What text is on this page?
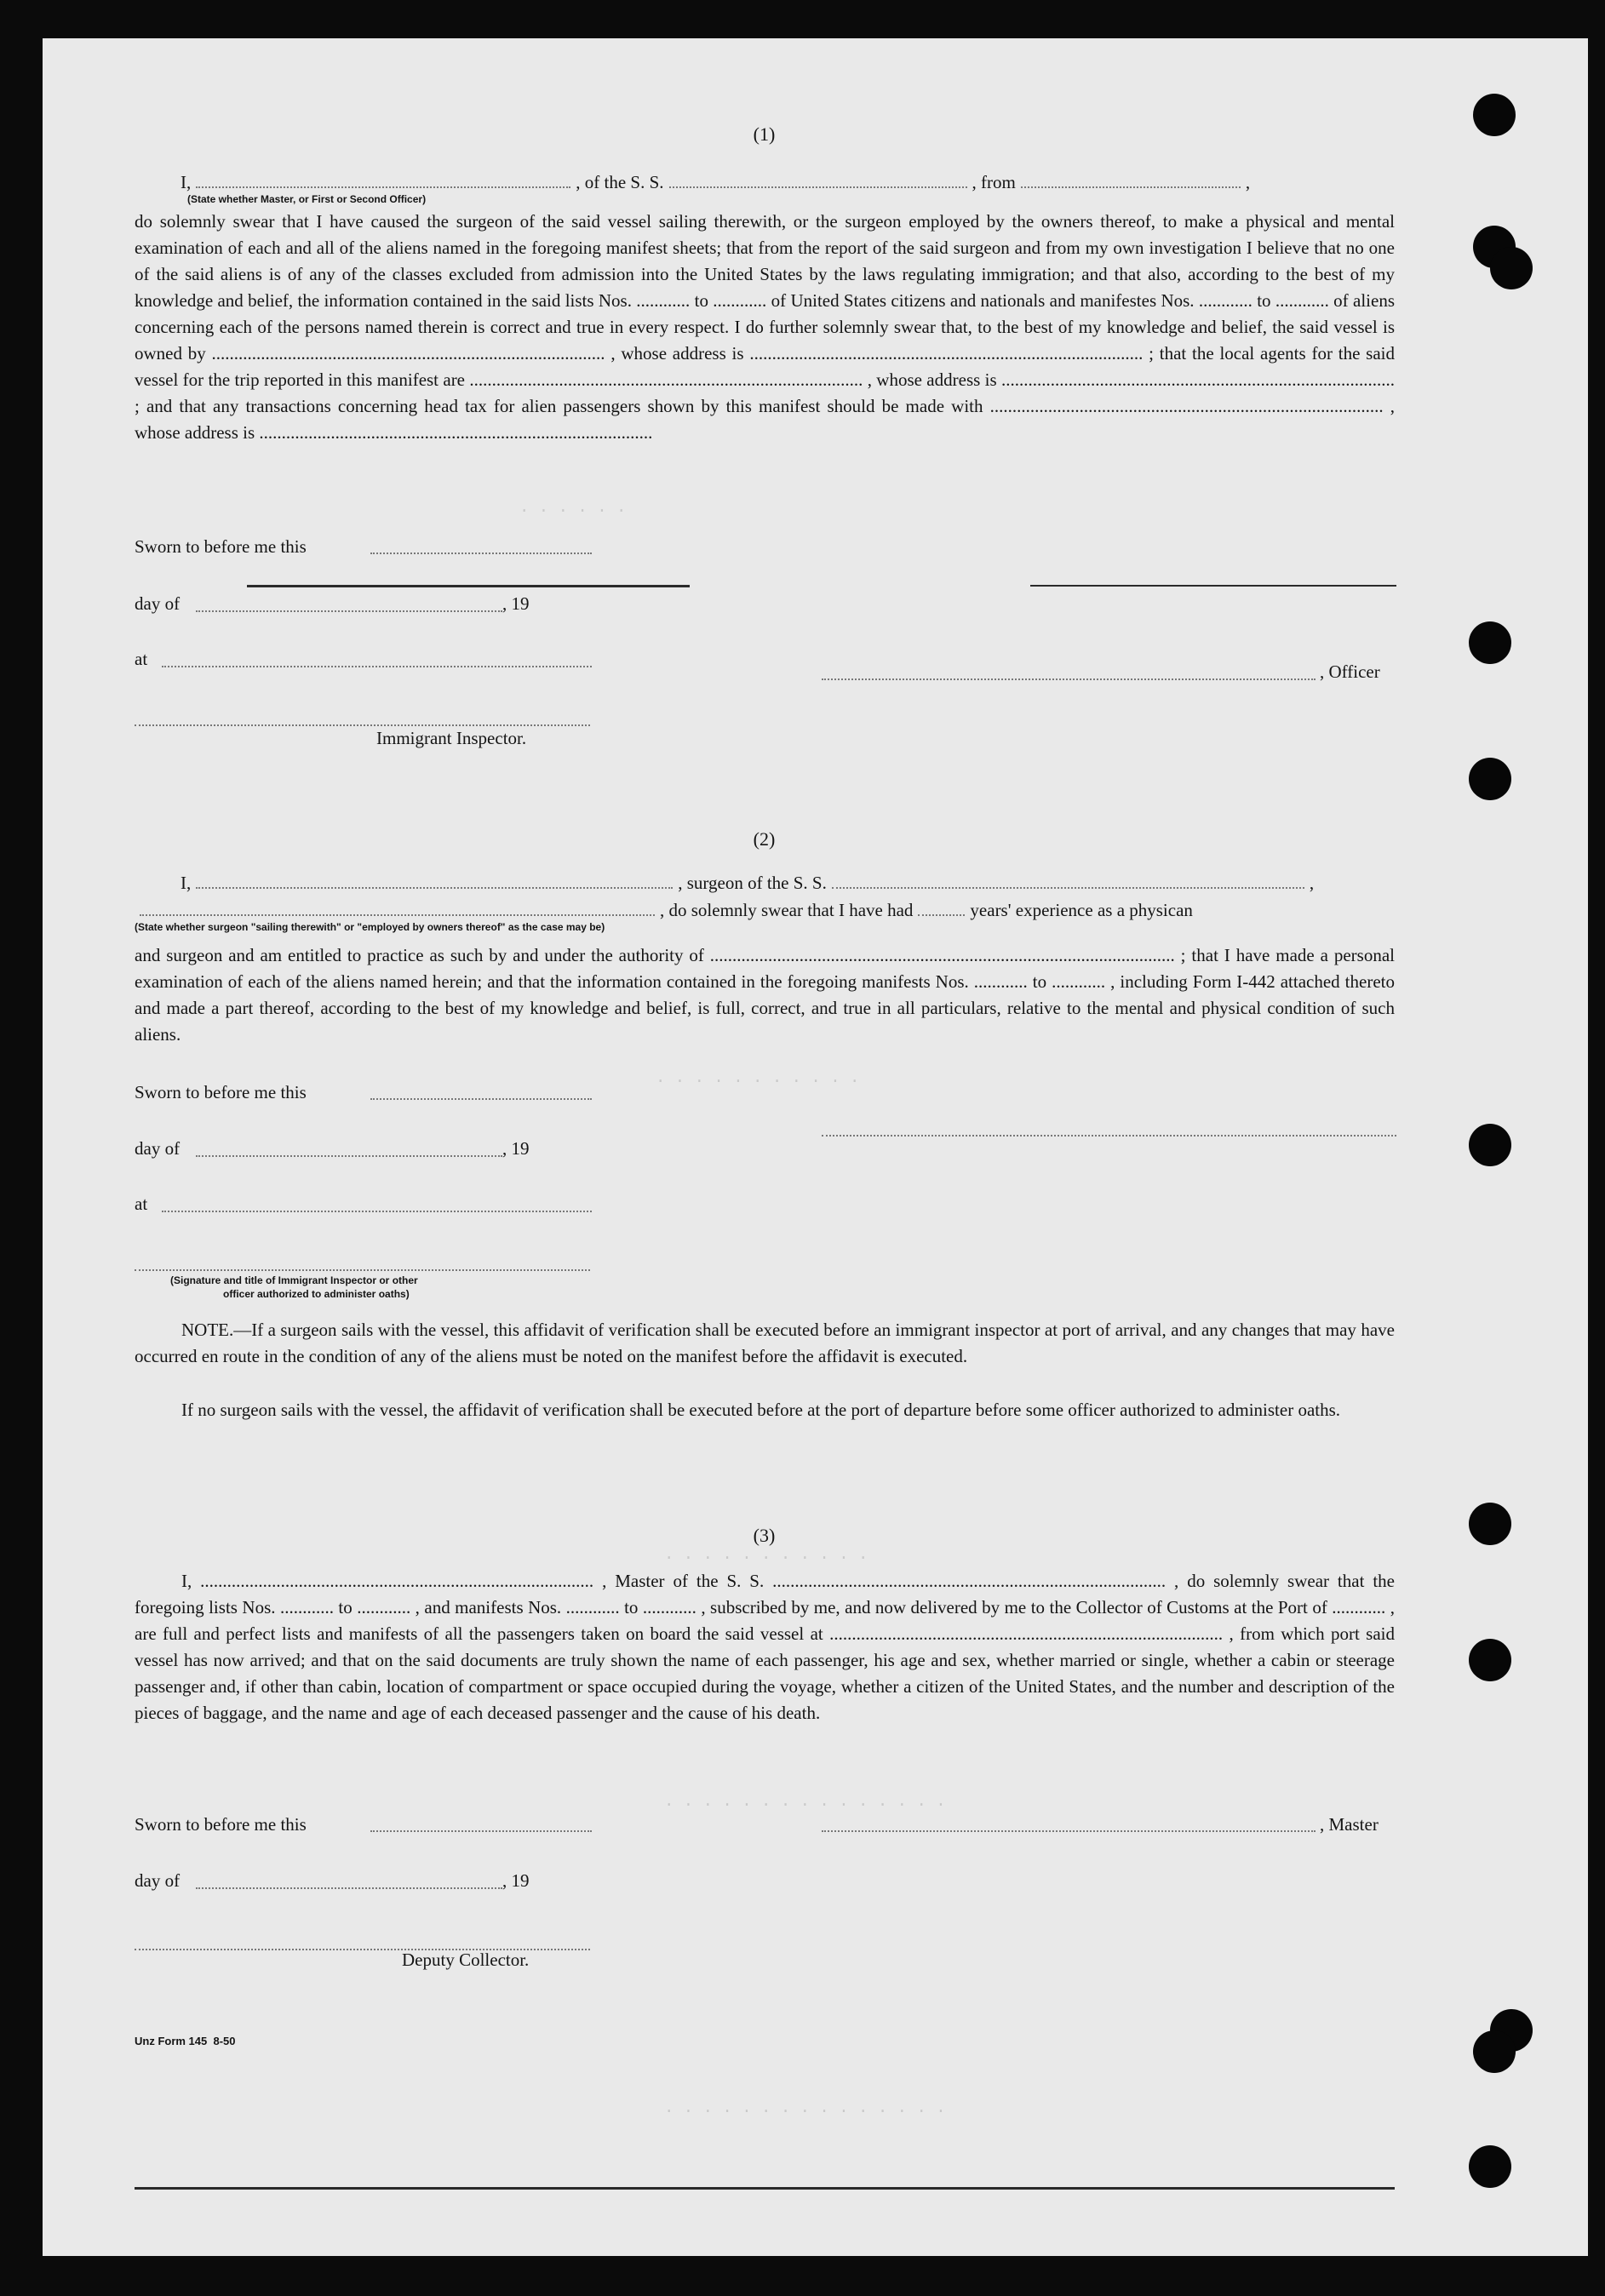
. . . . . .
. . . . . . . . . . .
. . . . . . . . . . .
. . . . . . . . . . . . . . .
. . . . . . . . . . . . . . .
(1)
I,	, of the S. S.	, from	,
(State whether Master, or First or Second Officer)

do solemnly swear that I have caused the surgeon of the said vessel sailing therewith, or the surgeon employed by the owners thereof, to make a physical and mental examination of each and all of the aliens named in the foregoing manifest sheets; that from the report of the said surgeon and from my own investigation I believe that no one of the said aliens is of any of the classes excluded from admission into the United States by the laws regulating immigration; and that also, according to the best of my knowledge and belief, the information contained in the said lists Nos. ............ to ............ of United States citizens and nationals and manifestes Nos. ............ to ............ of aliens concerning each of the persons named therein is correct and true in every respect. I do further solemnly swear that, to the best of my knowledge and belief, the said vessel is owned by ........................................................................................ , whose address is ........................................................................................ ; that the local agents for the said vessel for the trip reported in this manifest are ........................................................................................ , whose address is ........................................................................................ ; and that any transactions concerning head tax for alien passengers shown by this manifest should be made with ........................................................................................ , whose address is ........................................................................................

Sworn to before me this
day of	, 19
at
, Officer
Immigrant Inspector.
(2)
I,	, surgeon of the S. S.	,
, do solemnly swear that I have had	years' experience as a physican
(State whether surgeon "sailing therewith" or "employed by owners thereof" as the case may be)

and surgeon and am entitled to practice as such by and under the authority of ........................................................................................................ ; that I have made a personal examination of each of the aliens named herein; and that the information contained in the foregoing manifests Nos. ............ to ............ , including Form I-442 attached thereto and made a part thereof, according to the best of my knowledge and belief, is full, correct, and true in all particulars, relative to the mental and physical condition of such aliens.

Sworn to before me this
day of	, 19
at
(Signature and title of Immigrant Inspector or other
officer authorized to administer oaths)

NOTE.—If a surgeon sails with the vessel, this affidavit of verification shall be executed before an immigrant inspector at port of arrival, and any changes that may have occurred en route in the condition of any of the aliens must be noted on the manifest before the affidavit is executed.

If no surgeon sails with the vessel, the affidavit of verification shall be executed before at the port of departure before some officer authorized to administer oaths.

(3)

I, ........................................................................................ , Master of the S. S. ........................................................................................ , do solemnly swear that the foregoing lists Nos. ............ to ............ , and manifests Nos. ............ to ............ , subscribed by me, and now delivered by me to the Collector of Customs at the Port of ............ , are full and perfect lists and manifests of all the passengers taken on board the said vessel at ........................................................................................ , from which port said vessel has now arrived; and that on the said documents are truly shown the name of each passenger, his age and sex, whether married or single, whether a cabin or steerage passenger and, if other than cabin, location of compartment or space occupied during the voyage, whether a citizen of the United States, and the number and description of the pieces of baggage, and the name and age of each deceased passenger and the cause of his death.

Sworn to before me this	, Master
day of	, 19
Deputy Collector.
Unz Form 145 8-50
